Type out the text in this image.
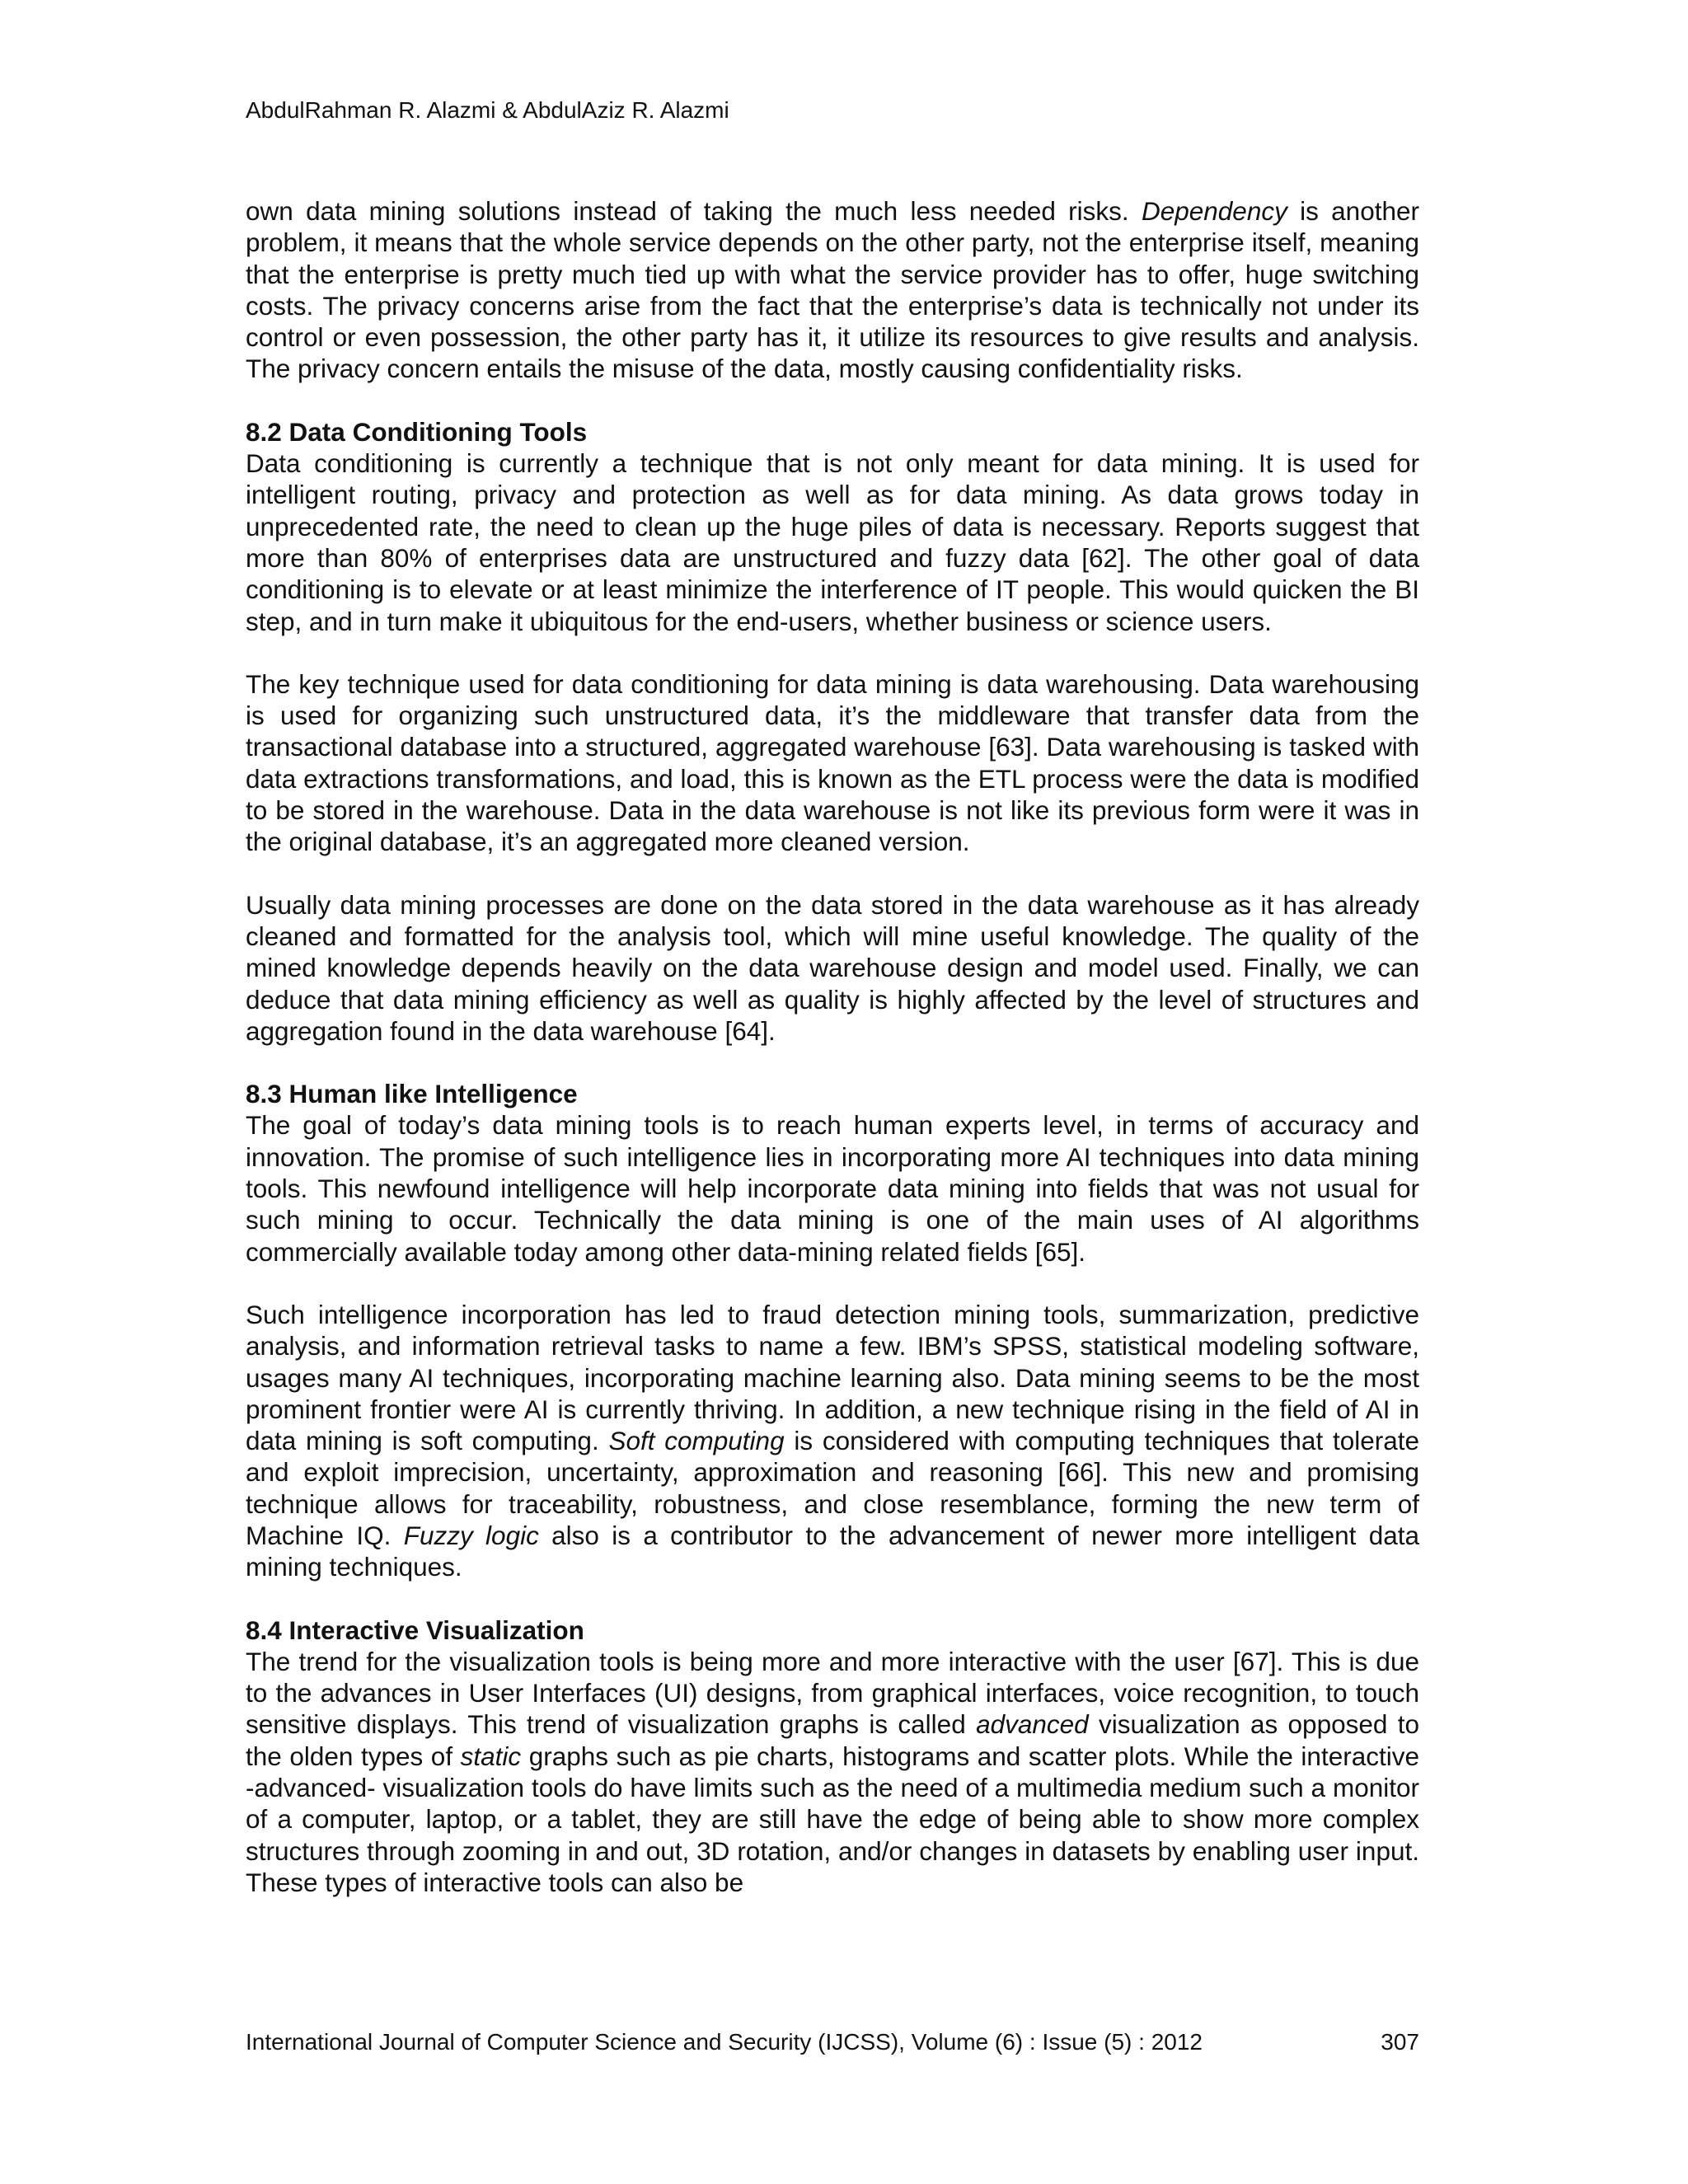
AbdulRahman R. Alazmi & AbdulAziz R. Alazmi

own data mining solutions instead of taking the much less needed risks. Dependency is another problem, it means that the whole service depends on the other party, not the enterprise itself, meaning that the enterprise is pretty much tied up with what the service provider has to offer, huge switching costs. The privacy concerns arise from the fact that the enterprise’s data is technically not under its control or even possession, the other party has it, it utilize its resources to give results and analysis. The privacy concern entails the misuse of the data, mostly causing confidentiality risks.

8.2 Data Conditioning Tools

Data conditioning is currently a technique that is not only meant for data mining. It is used for intelligent routing, privacy and protection as well as for data mining. As data grows today in unprecedented rate, the need to clean up the huge piles of data is necessary. Reports suggest that more than 80% of enterprises data are unstructured and fuzzy data [62]. The other goal of data conditioning is to elevate or at least minimize the interference of IT people. This would quicken the BI step, and in turn make it ubiquitous for the end-users, whether business or science users.

The key technique used for data conditioning for data mining is data warehousing. Data warehousing is used for organizing such unstructured data, it’s the middleware that transfer data from the transactional database into a structured, aggregated warehouse [63]. Data warehousing is tasked with data extractions transformations, and load, this is known as the ETL process were the data is modified to be stored in the warehouse. Data in the data warehouse is not like its previous form were it was in the original database, it’s an aggregated more cleaned version.

Usually data mining processes are done on the data stored in the data warehouse as it has already cleaned and formatted for the analysis tool, which will mine useful knowledge. The quality of the mined knowledge depends heavily on the data warehouse design and model used. Finally, we can deduce that data mining efficiency as well as quality is highly affected by the level of structures and aggregation found in the data warehouse [64].

8.3 Human like Intelligence

The goal of today’s data mining tools is to reach human experts level, in terms of accuracy and innovation. The promise of such intelligence lies in incorporating more AI techniques into data mining tools. This newfound intelligence will help incorporate data mining into fields that was not usual for such mining to occur. Technically the data mining is one of the main uses of AI algorithms commercially available today among other data-mining related fields [65].

Such intelligence incorporation has led to fraud detection mining tools, summarization, predictive analysis, and information retrieval tasks to name a few. IBM’s SPSS, statistical modeling software, usages many AI techniques, incorporating machine learning also. Data mining seems to be the most prominent frontier were AI is currently thriving. In addition, a new technique rising in the field of AI in data mining is soft computing. Soft computing is considered with computing techniques that tolerate and exploit imprecision, uncertainty, approximation and reasoning [66]. This new and promising technique allows for traceability, robustness, and close resemblance, forming the new term of Machine IQ. Fuzzy logic also is a contributor to the advancement of newer more intelligent data mining techniques.

8.4 Interactive Visualization

The trend for the visualization tools is being more and more interactive with the user [67]. This is due to the advances in User Interfaces (UI) designs, from graphical interfaces, voice recognition, to touch sensitive displays. This trend of visualization graphs is called advanced visualization as opposed to the olden types of static graphs such as pie charts, histograms and scatter plots. While the interactive -advanced- visualization tools do have limits such as the need of a multimedia medium such a monitor of a computer, laptop, or a tablet, they are still have the edge of being able to show more complex structures through zooming in and out, 3D rotation, and/or changes in datasets by enabling user input. These types of interactive tools can also be

International Journal of Computer Science and Security (IJCSS), Volume (6) : Issue (5) : 2012	307
